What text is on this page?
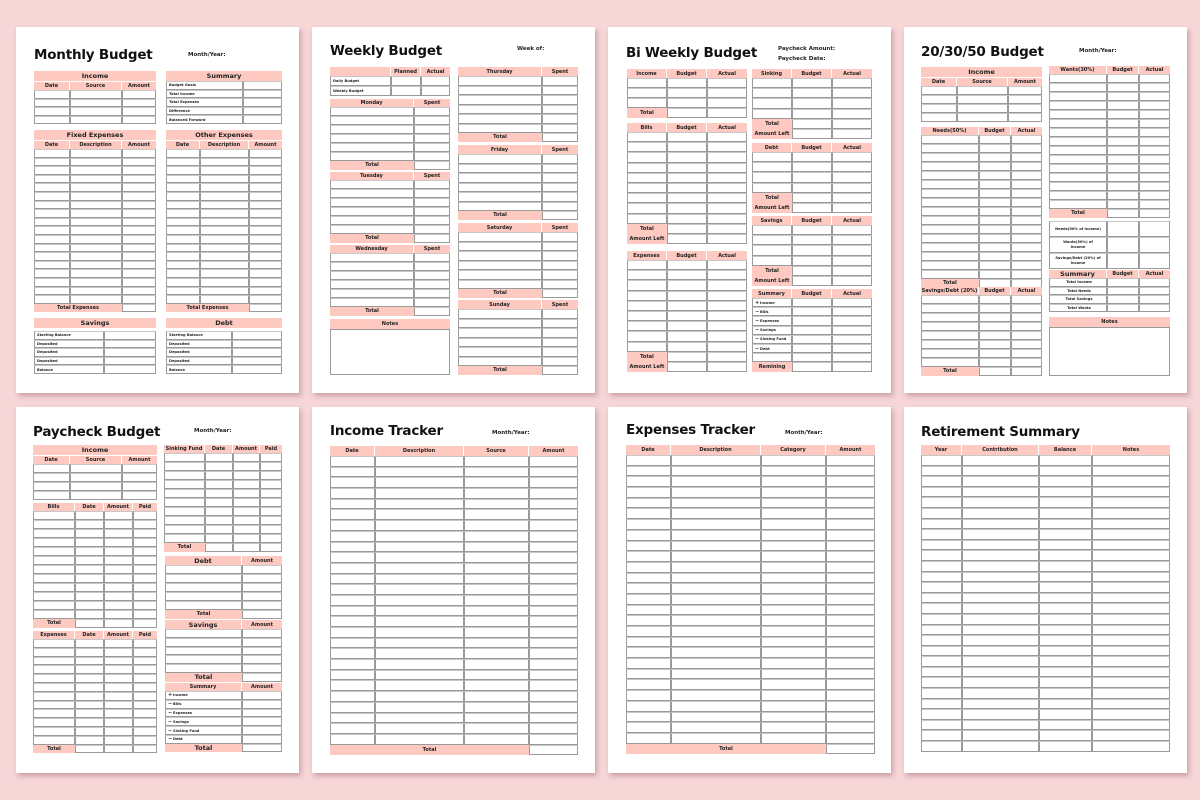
Monthly Budget	Month/Year:
Income
Date	Source	Amount
Summary
Budget Goals
Total Income
Total Expenses
Difference
Balanced Forward
Fixed Expenses
Date	Description	Amount
Total Expenses
Other Expenses
Date	Description	Amount
Total Expenses
Savings
Starting Balance
Deposited
Deposited
Deposited
Balance
Debt
Starting Balance
Deposited
Deposited
Deposited
Balance
Weekly Budget	Week of:
Planned	Actual
Daily Budget
Weekly Budget
Monday	Spent
Total
Tuesday	Spent
Total
Wednesday	Spent
Total
Notes
Thursday	Spent
Total
Friday	Spent
Total
Saturday	Spent
Total
Sunday	Spent
Total
Bi Weekly Budget	Paycheck Amount:
Paycheck Date:
Income	Budget	Actual
Total
Bills	Budget	Actual
Total
Amount Left
Expenses	Budget	Actual
Total
Amount Left
Sinking	Budget	Actual
Total
Amount Left
Debt	Budget	Actual
Total
Amount Left
Savings	Budget	Actual
Total
Amount Left
Summary	Budget	Actual
+ Income
− Bills
− Expenses
− Savings
− Sinking Fund
− Debt
Remining
20/30/50 Budget	Month/Year:
Income
Date	Source	Amount
Needs(50%)	Budget	Actual
Total
Savings/Debt (20%)	Budget	Actual
Total
Wants(30%)	Budget	Actual
Total
Needs(50% of Income)
Wants(30%) of Income
Savings/Debt (20%) of Income
Summary	Budget	Actual
Total Income
Total Needs
Total Savings
Total Wants
Notes
Paycheck Budget	Month/Year:
Income
Date	Source	Amount
Bills	Date	Amount	Paid
Total
Expenses	Date	Amount	Paid
Total
Sinking Fund	Date	Amount	Paid
Total
Debt	Amount
Total
Savings	Amount
Total
Summary	Amount
+ Income
− Bills
− Expenses
− Savings
− Sinking Fund
− Debt
Total
Income Tracker	Month/Year:
Date	Description	Source	Amount
Total
Expenses Tracker	Month/Year:
Date	Description	Category	Amount
Total
Retirement Summary
Year	Contribution	Balance	Notes
